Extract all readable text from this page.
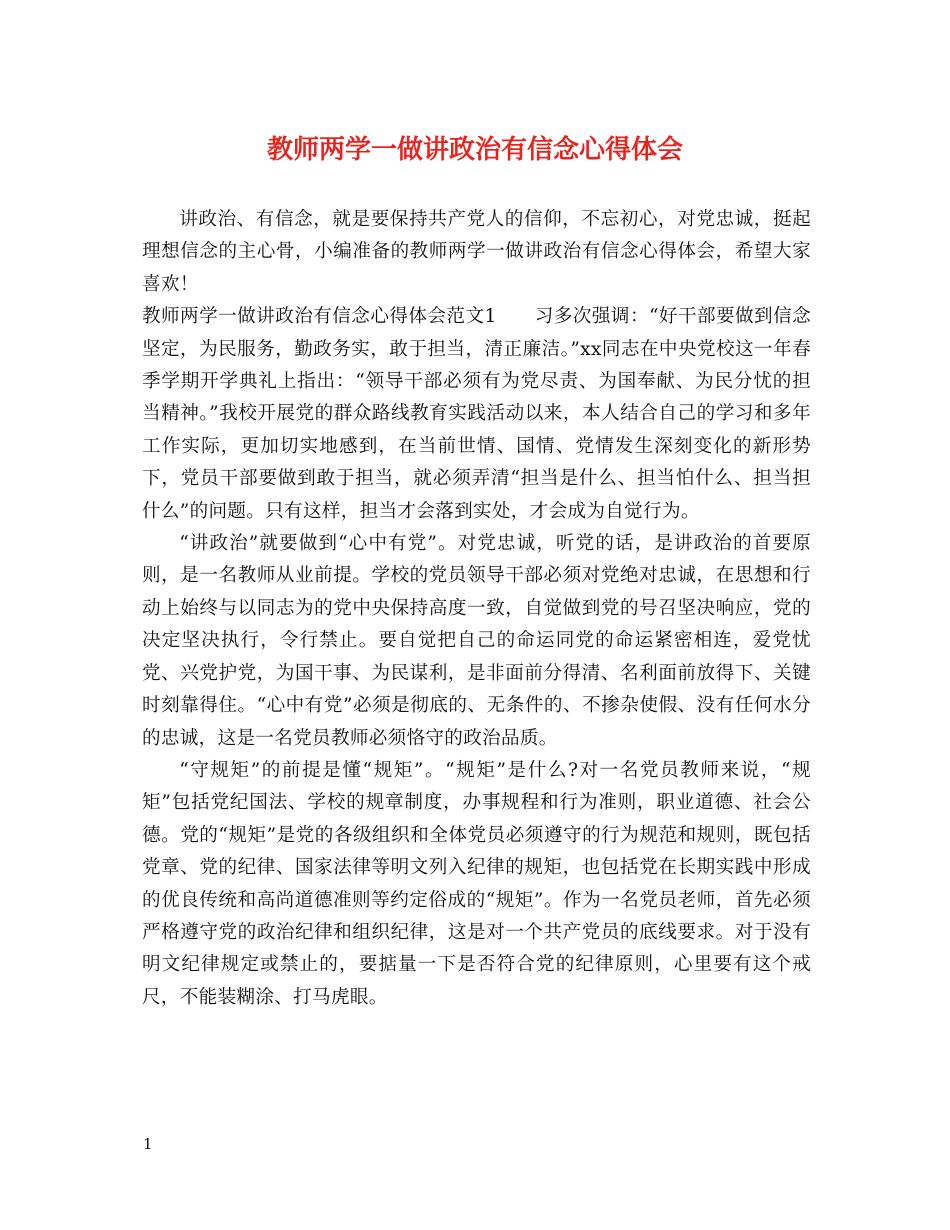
教师两学一做讲政治有信念心得体会

讲政治、有信念，就是要保持共产党人的信仰，不忘初心，对党忠诚，挺起理想信念的主心骨，小编准备的教师两学一做讲政治有信念心得体会，希望大家喜欢！

教师两学一做讲政治有信念心得体会范文1　　习多次强调：“好干部要做到信念坚定，为民服务，勤政务实，敢于担当，清正廉洁。”xx同志在中央党校这一年春季学期开学典礼上指出：“领导干部必须有为党尽责、为国奉献、为民分忧的担当精神。”我校开展党的群众路线教育实践活动以来，本人结合自己的学习和多年工作实际，更加切实地感到，在当前世情、国情、党情发生深刻变化的新形势下，党员干部要做到敢于担当，就必须弄清“担当是什么、担当怕什么、担当担什么”的问题。只有这样，担当才会落到实处，才会成为自觉行为。

“讲政治”就要做到“心中有党”。对党忠诚，听党的话，是讲政治的首要原则，是一名教师从业前提。学校的党员领导干部必须对党绝对忠诚，在思想和行动上始终与以同志为的党中央保持高度一致，自觉做到党的号召坚决响应，党的决定坚决执行，令行禁止。要自觉把自己的命运同党的命运紧密相连，爱党忧党、兴党护党，为国干事、为民谋利，是非面前分得清、名利面前放得下、关键时刻靠得住。“心中有党”必须是彻底的、无条件的、不掺杂使假、没有任何水分的忠诚，这是一名党员教师必须恪守的政治品质。

“守规矩”的前提是懂“规矩”。“规矩”是什么?对一名党员教师来说，“规矩”包括党纪国法、学校的规章制度，办事规程和行为准则，职业道德、社会公德。党的“规矩”是党的各级组织和全体党员必须遵守的行为规范和规则，既包括党章、党的纪律、国家法律等明文列入纪律的规矩，也包括党在长期实践中形成的优良传统和高尚道德准则等约定俗成的“规矩”。作为一名党员老师，首先必须严格遵守党的政治纪律和组织纪律，这是对一个共产党员的底线要求。对于没有明文纪律规定或禁止的，要掂量一下是否符合党的纪律原则，心里要有这个戒尺，不能装糊涂、打马虎眼。

1
